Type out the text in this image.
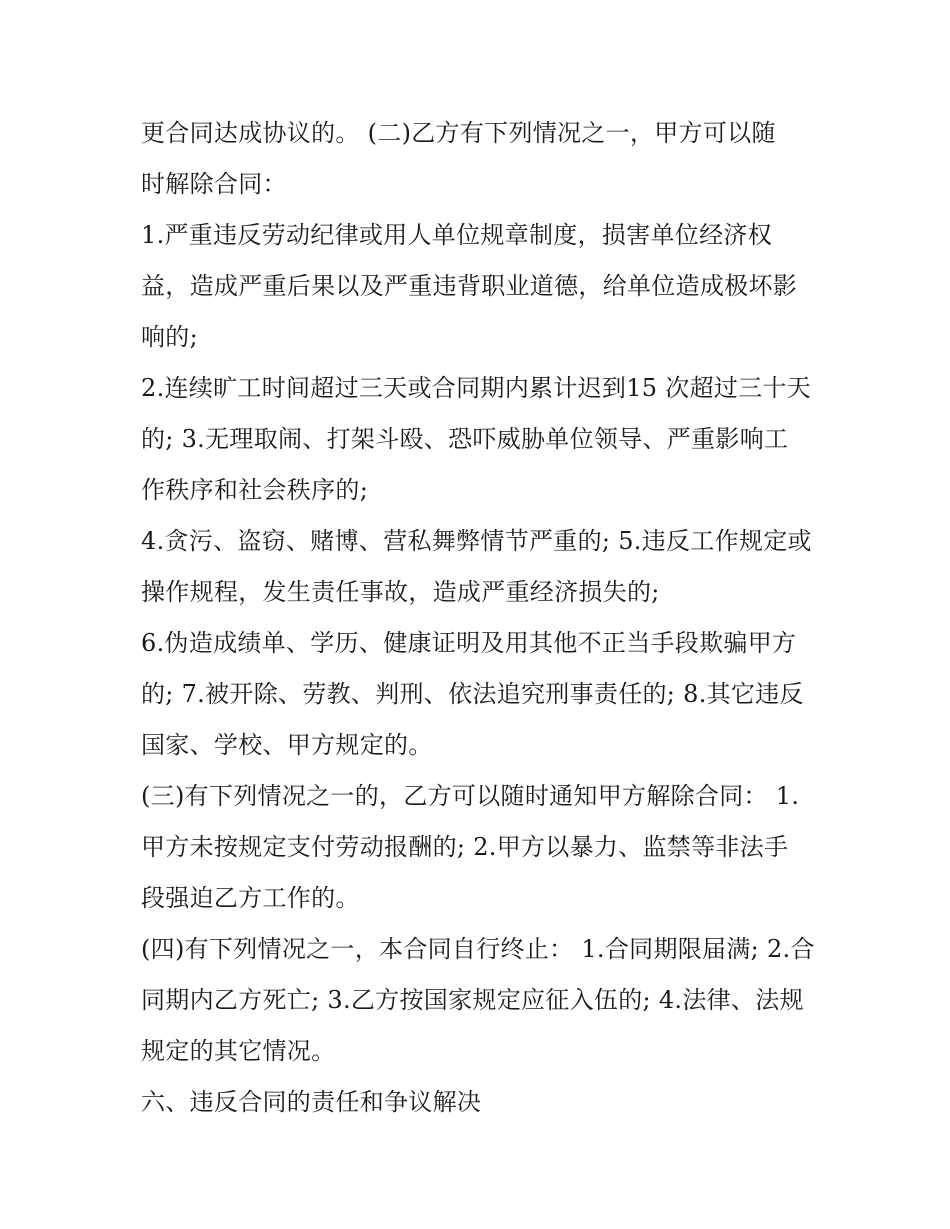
更合同达成协议的。 (二)乙方有下列情况之一，甲方可以随
时解除合同：

1.严重违反劳动纪律或用人单位规章制度，损害单位经济权
益，造成严重后果以及严重违背职业道德，给单位造成极坏影
响的;

2.连续旷工时间超过三天或合同期内累计迟到15 次超过三十天
的; 3.无理取闹、打架斗殴、恐吓威胁单位领导、严重影响工
作秩序和社会秩序的;

4.贪污、盗窃、赌博、营私舞弊情节严重的; 5.违反工作规定或
操作规程，发生责任事故，造成严重经济损失的;

6.伪造成绩单、学历、健康证明及用其他不正当手段欺骗甲方
的; 7.被开除、劳教、判刑、依法追究刑事责任的; 8.其它违反
国家、学校、甲方规定的。

(三)有下列情况之一的，乙方可以随时通知甲方解除合同： 1.
甲方未按规定支付劳动报酬的; 2.甲方以暴力、监禁等非法手
段强迫乙方工作的。

(四)有下列情况之一，本合同自行终止： 1.合同期限届满; 2.合
同期内乙方死亡; 3.乙方按国家规定应征入伍的; 4.法律、法规
规定的其它情况。

六、违反合同的责任和争议解决
